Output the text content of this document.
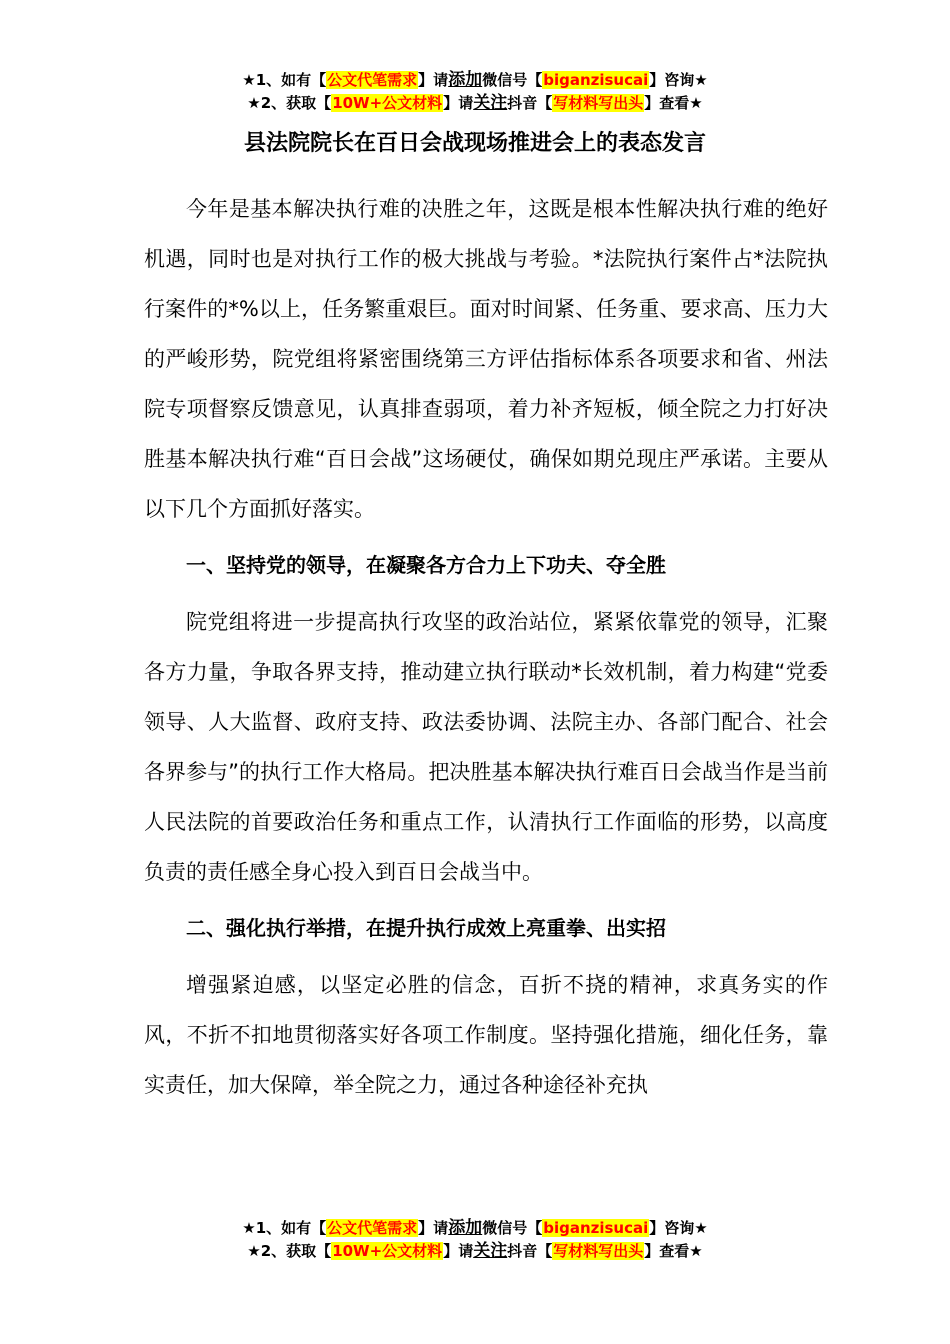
★1、如有【公文代笔需求】请添加微信号【biganzisucai】咨询★
★2、获取【10W+公文材料】请关注抖音【写材料写出头】查看★
县法院院长在百日会战现场推进会上的表态发言

今年是基本解决执行难的决胜之年，这既是根本性解决执行难的绝好机遇，同时也是对执行工作的极大挑战与考验。*法院执行案件占*法院执行案件的*%以上，任务繁重艰巨。面对时间紧、任务重、要求高、压力大的严峻形势，院党组将紧密围绕第三方评估指标体系各项要求和省、州法院专项督察反馈意见，认真排查弱项，着力补齐短板，倾全院之力打好决胜基本解决执行难“百日会战”这场硬仗，确保如期兑现庄严承诺。主要从以下几个方面抓好落实。

一、坚持党的领导，在凝聚各方合力上下功夫、夺全胜

院党组将进一步提高执行攻坚的政治站位，紧紧依靠党的领导，汇聚各方力量，争取各界支持，推动建立执行联动*长效机制，着力构建“党委领导、人大监督、政府支持、政法委协调、法院主办、各部门配合、社会各界参与”的执行工作大格局。把决胜基本解决执行难百日会战当作是当前人民法院的首要政治任务和重点工作，认清执行工作面临的形势，以高度负责的责任感全身心投入到百日会战当中。

二、强化执行举措，在提升执行成效上亮重拳、出实招

增强紧迫感，以坚定必胜的信念，百折不挠的精神，求真务实的作风，不折不扣地贯彻落实好各项工作制度。坚持强化措施，细化任务，靠实责任，加大保障，举全院之力，通过各种途径补充执

★1、如有【公文代笔需求】请添加微信号【biganzisucai】咨询★
★2、获取【10W+公文材料】请关注抖音【写材料写出头】查看★
